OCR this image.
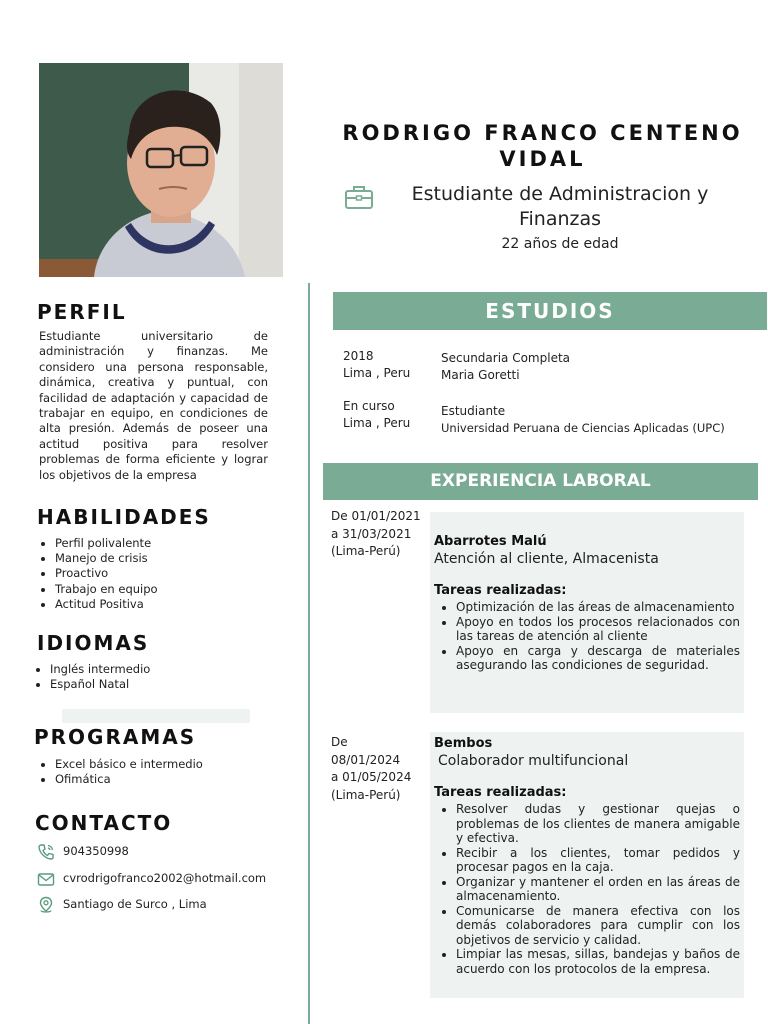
RODRIGO FRANCO CENTENO
VIDAL
Estudiante de Administracion y
Finanzas
22 años de edad
PERFIL
Estudiante universitario de administración y finanzas. Me considero una persona responsable, dinámica, creativa y puntual, con facilidad de adaptación y capacidad de trabajar en equipo, en condiciones de alta presión. Además de poseer una actitud positiva para resolver problemas de forma eficiente y lograr los objetivos de la empresa
HABILIDADES
• Perfil polivalente
• Manejo de crisis
• Proactivo
• Trabajo en equipo
• Actitud Positiva
IDIOMAS
• Inglés intermedio
• Español Natal
PROGRAMAS
• Excel básico e intermedio
• Ofimática
CONTACTO
904350998
cvrodrigofranco2002@hotmail.com
Santiago de Surco , Lima
ESTUDIOS
2018
Lima , Peru
Secundaria Completa
Maria Goretti
En curso
Lima , Peru
Estudiante
Universidad Peruana de Ciencias Aplicadas (UPC)
EXPERIENCIA LABORAL
De 01/01/2021
a 31/03/2021
(Lima-Perú)
Abarrotes Malú
Atención al cliente, Almacenista
Tareas realizadas:
• Optimización de las áreas de almacenamiento
• Apoyo en todos los procesos relacionados con las tareas de atención al cliente
• Apoyo en carga y descarga de materiales asegurando las condiciones de seguridad.
De
08/01/2024
a 01/05/2024
(Lima-Perú)
Bembos
Colaborador multifuncional
Tareas realizadas:
• Resolver dudas y gestionar quejas o problemas de los clientes de manera amigable y efectiva.
• Recibir a los clientes, tomar pedidos y procesar pagos en la caja.
• Organizar y mantener el orden en las áreas de almacenamiento.
• Comunicarse de manera efectiva con los demás colaboradores para cumplir con los objetivos de servicio y calidad.
• Limpiar las mesas, sillas, bandejas y baños de acuerdo con los protocolos de la empresa.
